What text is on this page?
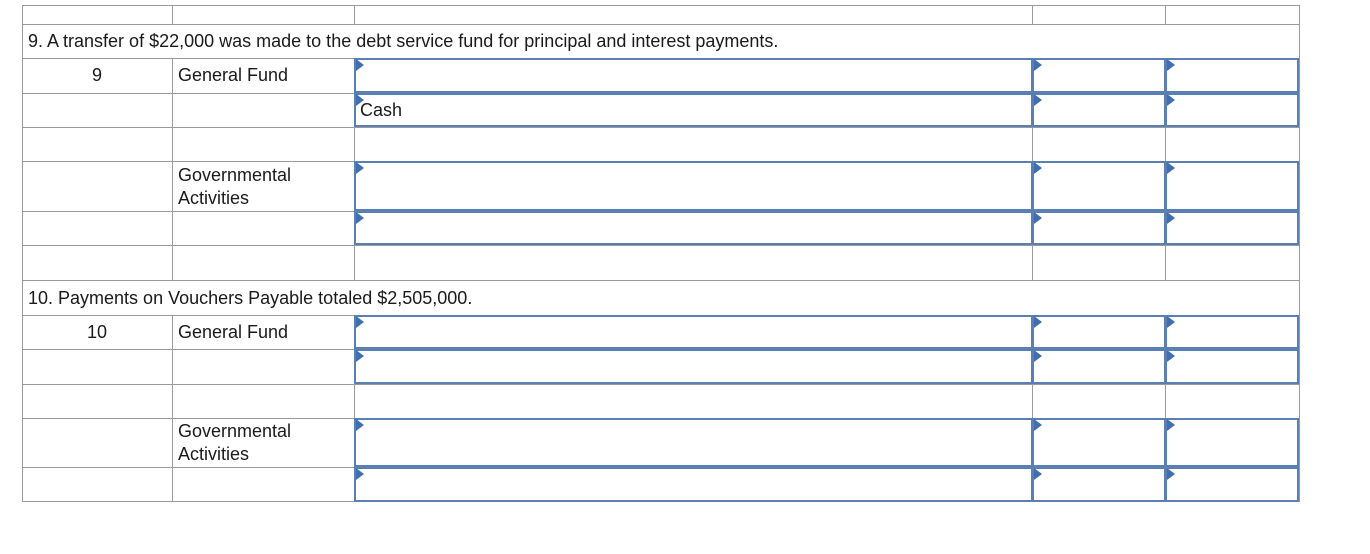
9. A transfer of $22,000 was made to the debt service fund for principal and interest payments.
9	General Fund
Cash
Governmental
Activities
10. Payments on Vouchers Payable totaled $2,505,000.
10	General Fund
Governmental
Activities
